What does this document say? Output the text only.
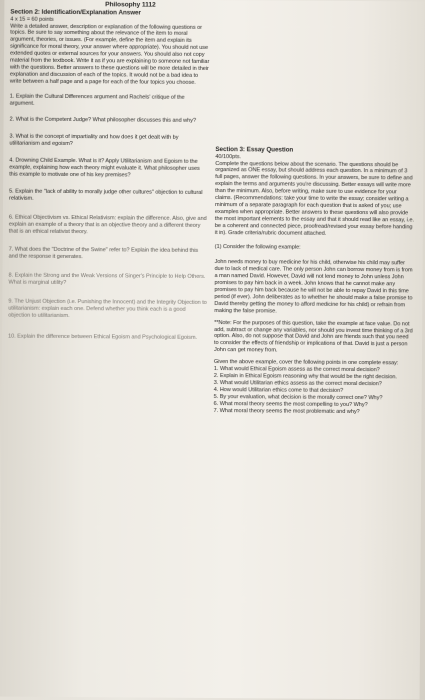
Philosophy 1112
Section 2: Identification/Explanation Answer
4 x 15 = 60 points
Write a detailed answer, description or explanation of the following questions or topics. Be sure to say something about the relevance of the item to moral argument, theories, or issues. (For example, define the item and explain its significance for moral theory, your answer where appropriate). You should not use extended quotes or external sources for your answers. You should also not copy material from the textbook. Write it as if you are explaining to someone not familiar with the questions. Better answers to these questions will be more detailed in their explanation and discussion of each of the topics. It would not be a bad idea to write between a half page and a page for each of the four topics you choose.
1. Explain the Cultural Differences argument and Rachels' critique of the argument.
2. What is the Competent Judge? What philosopher discusses this and why?
3. What is the concept of impartiality and how does it get dealt with by utilitarianism and egoism?
4. Drowning Child Example. What is it? Apply Utilitarianism and Egoism to the example, explaining how each theory might evaluate it. What philosopher uses this example to motivate one of his key premises?
5. Explain the "lack of ability to morally judge other cultures" objection to cultural relativism.
6. Ethical Objectivism vs. Ethical Relativism: explain the difference. Also, give and explain an example of a theory that is an objective theory and a different theory that is an ethical relativist theory.
7. What does the "Doctrine of the Swine" refer to? Explain the idea behind this and the response it generates.
8. Explain the Strong and the Weak Versions of Singer's Principle to Help Others. What is marginal utility?
9. The Unjust Objection (i.e. Punishing the Innocent) and the Integrity Objection to utilitarianism: explain each one. Defend whether you think each is a good objection to utilitarianism.
10. Explain the difference between Ethical Egoism and Psychological Egoism.
Section 3: Essay Question
40/100pts.
Complete the questions below about the scenario. The questions should be organized as ONE essay, but should address each question. In a minimum of 3 full pages, answer the following questions. In your answers, be sure to define and explain the terms and arguments you're discussing. Better essays will write more than the minimum. Also, before writing, make sure to use evidence for your claims. (Recommendations: take your time to write the essay; consider writing a minimum of a separate paragraph for each question that is asked of you; use examples when appropriate. Better answers to these questions will also provide the most important elements to the essay and that it should read like an essay, i.e. be a coherent and connected piece, proofread/revised your essay before handing it in). Grade criteria/rubric document attached.
(1) Consider the following example:
John needs money to buy medicine for his child, otherwise his child may suffer due to lack of medical care. The only person John can borrow money from is from a man named David. However, David will not lend money to John unless John promises to pay him back in a week. John knows that he cannot make any promises to pay him back because he will not be able to repay David in this time period (if ever). John deliberates as to whether he should make a false promise to David thereby getting the money to afford medicine for his child) or refrain from making the false promise.
**Note: For the purposes of this question, take the example at face value. Do not add, subtract or change any variables, nor should you invest time thinking of a 3rd option. Also, do not suppose that David and John are friends such that you need to consider the effects of friendship or implications of that. David is just a person John can get money from.
Given the above example, cover the following points in one complete essay:
1. What would Ethical Egoism assess as the correct moral decision?
2. Explain in Ethical Egoism reasoning why that would be the right decision.
3. What would Utilitarian ethics assess as the correct moral decision?
4. How would Utilitarian ethics come to that decision?
5. By your evaluation, what decision is the morally correct one? Why?
6. What moral theory seems the most compelling to you? Why?
7. What moral theory seems the most problematic and why?
